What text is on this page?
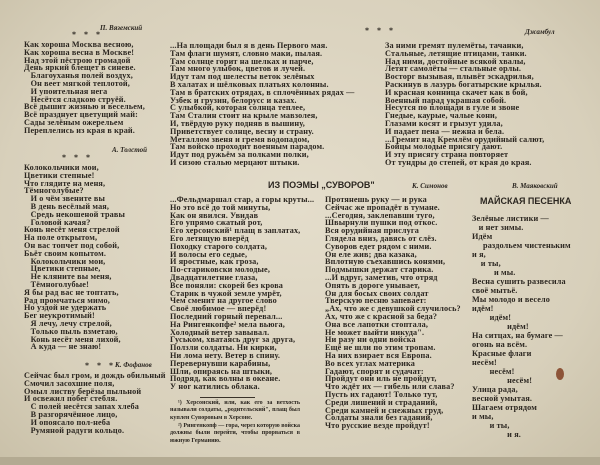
П. Вяземский
* * *
Как хороша Москва весною,
Как хороша весна в Москве!
Над этой пёстрою громадой
День яркий блещет в синеве.
Благоуханья полей воздух,
Он веет мягкой теплотой,
И упоительная нега
Несётся сладкою струёй.
Всё дышит жизнью и весельем,
Всё празднует цветущий май:
Сады зелёным ожерельем
Переплелись из края в край.
А. Толстой
* * *
Колокольчики мои,
Цветики степные!
Что глядите на меня,
Тёмноголубые?
И о чём звените вы
В день весёлый мая,
Средь некошеной травы
Головой качая?
Конь несёт меня стрелой
На поле открытом,
Он вас топчет под собой,
Бьёт своим копытом.
Колокольчики мои,
Цветики степные,
Не кляните вы меня,
Тёмноголубые!
Я бы рад вас не топтать,
Рад промчаться мимо,
Но уздой не удержать
Бег неукротимый!
Я лечу, лечу стрелой,
Только пыль взметаю,
Конь несёт меня лихой,
А куда — не знаю!
К. Фофанов
* * *
Сейчас был гром, и дождь обильный
Смочил засохшие поля,
Омыл листву берёзы пыльной
И освежил побег стебля.
С полей несётся запах хлеба
В разгорячённое лицо,
И опоясало пол-неба
Румяной радуги кольцо.
Джамбул
* * *
...На площади был я в день Первого мая.
Там флаги шумят, словно маки, пылая.
Там солнце горит на шелках и парче,
Там много улыбок, цветов и лучей.
Идут там под шелесты веток зелёных
В халатах и шёлковых платьях колонны.
Там в братских отрядах, в сплочённых рядах —
Узбек и грузин, белорусс и казах.
С улыбкой, которая солнца теплее,
Там Сталин стоит на крыле мавзолея,
И, твёрдую руку подняв в вышину,
Приветствует солнце, весну и страну.
Металлом звеня и гремя водопадом,
Там войско проходит военным парадом.
Идут под ружьём за полками полки,
И сизою сталью мерцают штыки.
За ними гремят пулемёты, тачанки,
Стальные, летящие птицами, танки.
Над ними, достойные всякой хвалы,
Летят самолёты — стальные орлы.
Восторг вызывая, плывёт эскадрилья,
Раскинув в лазурь богатырские крылья.
И красная конница скачет как в бой,
Военный парад украшая собой.
Несутся по площади в гуле и звоне
Гнедые, каурые, чалые кони,
Глазами косят и грызут удила,
И падает пена — нежна и бела.
...Гремит над Кремлём орудийный салют,
Бойцы молодые присягу дают.
И эту присягу страна повторяет
От тундры до степей, от края до края.
ИЗ ПОЭМЫ „СУВОРОВ"	К. Симонов
...Фельдмаршал стар, а горы круты...
Но это всё до той минуты,
Как он явился. Увидав
Его упрямо сжатый рот,
Его херсонский¹ плащ в заплатах,
Его летящую вперёд
Походку старого солдата,
И волосы его седые,
И яростные, как гроза,
По-стариковски молодые,
Двадцатилетние глаза,
Все поняли: скорей без крова
Старик в чужой земле умрёт,
Чем сменит на другое слово
Своё любимое — вперёд!
Последний горный перевал...
На Рингенкопфе² мела вьюга,
Холодный ветер завывал.
Гуськом, хватаясь друг за друга,
Ползли солдаты. Ни кирки,
Ни лома нету. Ветер в спину.
Перевернувши карабины,
Шли, опираясь на штыки,
Подряд, как волны в океане.
У ног катились облака.
¹) Херсонский, или, как его за ветхость называли солдаты, „родительский", плащ был куплен Суворовым в Херсоне.
²) Рингенкопф — гора, через которую войска должны были перейти, чтобы прорваться в южную Германию.
Протянешь руку — и рука
Сейчас же пропадёт в тумане.
...Сегодня, заклепавши туго,
Швырнули пушки под откос.
Вся орудийная прислуга
Глядела вниз, давясь от слёз.
Суворов едет рядом с ними.
Он еле жив; два казака,
Вплотную съехавшись конями,
Подмышки держат старика.
...И вдруг, заметив, что отряд
Опять в дороге унывает,
Он для босых своих солдат
Тверскую песню запевает:
„Ах, что же с девушкой случилось?
Ах, что же с красной за беда?
Она все лапотки стоптала,
Не может выйти никуда".
Ни разу ни одни войска
Ещё не шли по этим тропам.
На них взирает вся Европа.
Во всех углах материка
Гадают, спорят и судачат:
Пройдут они иль не пройдут,
Что ждёт их — гибель или слава?
Пусть их гадают! Только тут,
Среди лишений и страданий,
Среди камней и снежных груд,
Солдаты знали без гаданий,
Что русские везде пройдут!
В. Маяковский
МАЙСКАЯ ПЕСЕНКА
Зелёные листики —
и нет зимы.
Идём
раздольем чистеньким
и я,
и ты,
и мы.
Весна сушить развесила
своё мытьё.
Мы молодо и весело
идём!
идём!
идём!
На ситцах, на бумаге —
огонь на всём.
Красные флаги
несём!
несём!
несём!
Улица рада,
весной умытая.
Шагаем отрядом
и мы,
и ты,
и я.
